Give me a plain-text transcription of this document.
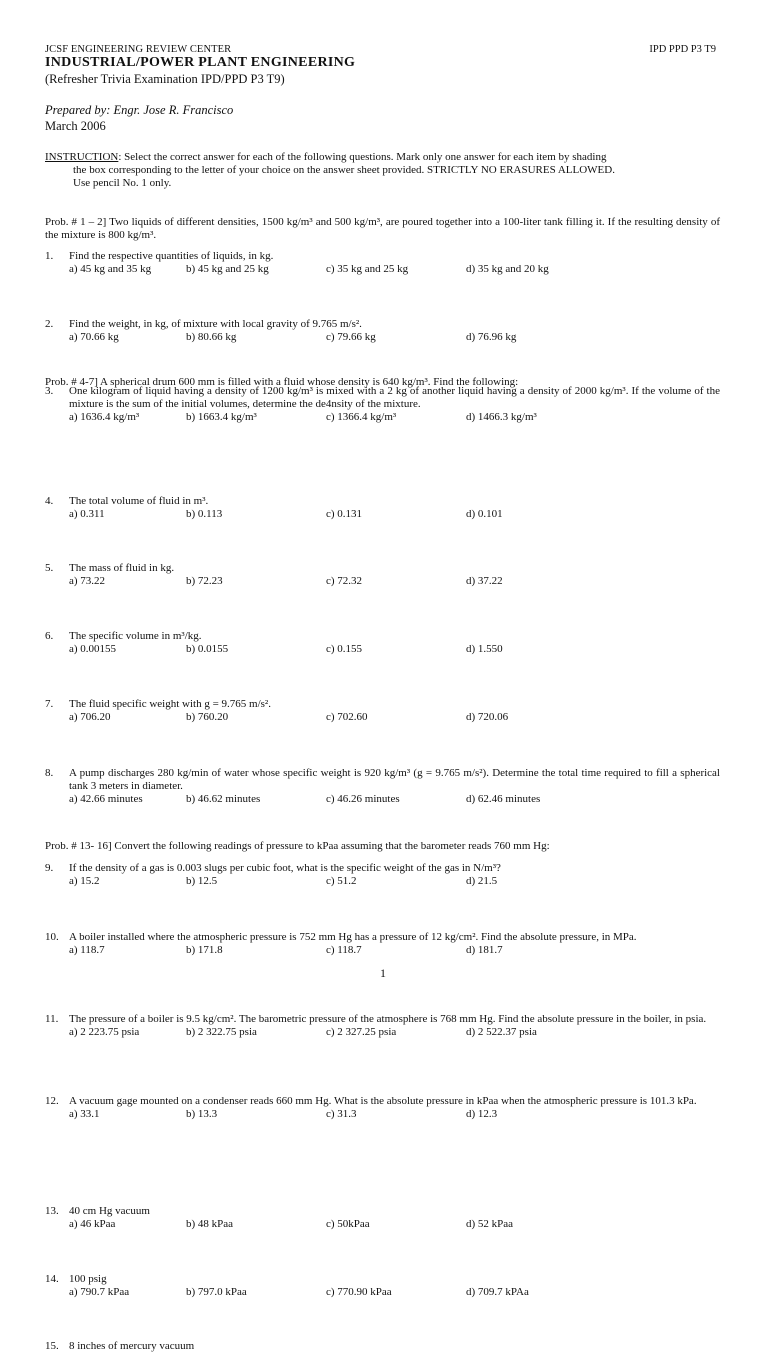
JCSF ENGINEERING REVIEW CENTER	IPD PPD P3 T9
INDUSTRIAL/POWER PLANT ENGINEERING
(Refresher Trivia Examination IPD/PPD P3 T9)
Prepared by: Engr. Jose R. Francisco
March 2006
INSTRUCTION: Select the correct answer for each of the following questions. Mark only one answer for each item by shading
the box corresponding to the letter of your choice on the answer sheet provided. STRICTLY NO ERASURES ALLOWED.
Use pencil No. 1 only.
Prob. # 1 – 2] Two liquids of different densities, 1500 kg/m³ and 500 kg/m³, are poured together into a 100-liter tank filling it. If the resulting density of the mixture is 800 kg/m³.
1. Find the respective quantities of liquids, in kg.
a) 45 kg and 35 kg	b) 45 kg and 25 kg	c) 35 kg and 25 kg	d) 35 kg and 20 kg
2. Find the weight, in kg, of mixture with local gravity of 9.765 m/s².
a) 70.66 kg	b) 80.66 kg	c) 79.66 kg	d) 76.96 kg
3. One kilogram of liquid having a density of 1200 kg/m³ is mixed with a 2 kg of another liquid having a density of 2000 kg/m³. If the volume of the mixture is the sum of the initial volumes, determine the de4nsity of the mixture.
a) 1636.4 kg/m³	b) 1663.4 kg/m³	c) 1366.4 kg/m³	d) 1466.3 kg/m³
Prob. # 4-7] A spherical drum 600 mm is filled with a fluid whose density is 640 kg/m³. Find the following:
4. The total volume of fluid in m³.
a) 0.311	b) 0.113	c) 0.131	d) 0.101
5. The mass of fluid in kg.
a) 73.22	b) 72.23	c) 72.32	d) 37.22
6. The specific volume in m³/kg.
a) 0.00155	b) 0.0155	c) 0.155	d) 1.550
7. The fluid specific weight with g = 9.765 m/s².
a) 706.20	b) 760.20	c) 702.60	d) 720.06
8. A pump discharges 280 kg/min of water whose specific weight is 920 kg/m³ (g = 9.765 m/s²). Determine the total time required to fill a spherical tank 3 meters in diameter.
a) 42.66 minutes	b) 46.62 minutes	c) 46.26 minutes	d) 62.46 minutes
9. If the density of a gas is 0.003 slugs per cubic foot, what is the specific weight of the gas in N/m³?
a) 15.2	b) 12.5	c) 51.2	d) 21.5
10. A boiler installed where the atmospheric pressure is 752 mm Hg has a pressure of 12 kg/cm². Find the absolute pressure, in MPa.
a) 118.7	b) 171.8	c) 118.7	d) 181.7
11. The pressure of a boiler is 9.5 kg/cm². The barometric pressure of the atmosphere is 768 mm Hg. Find the absolute pressure in the boiler, in psia.
a) 2 223.75 psia	b) 2 322.75 psia	c) 2 327.25 psia	d) 2 522.37 psia
12. A vacuum gage mounted on a condenser reads 660 mm Hg. What is the absolute pressure in kPaa when the atmospheric pressure is 101.3 kPa.
a) 33.1	b) 13.3	c) 31.3	d) 12.3
Prob. # 13- 16] Convert the following readings of pressure to kPaa assuming that the barometer reads 760 mm Hg:
13. 40 cm Hg vacuum
a) 46 kPaa	b) 48 kPaa	c) 50kPaa	d) 52 kPaa
14. 100 psig
a) 790.7 kPaa	b) 797.0 kPaa	c) 770.90 kPaa	d) 709.7 kPAa
15. 8 inches of mercury vacuum
1
